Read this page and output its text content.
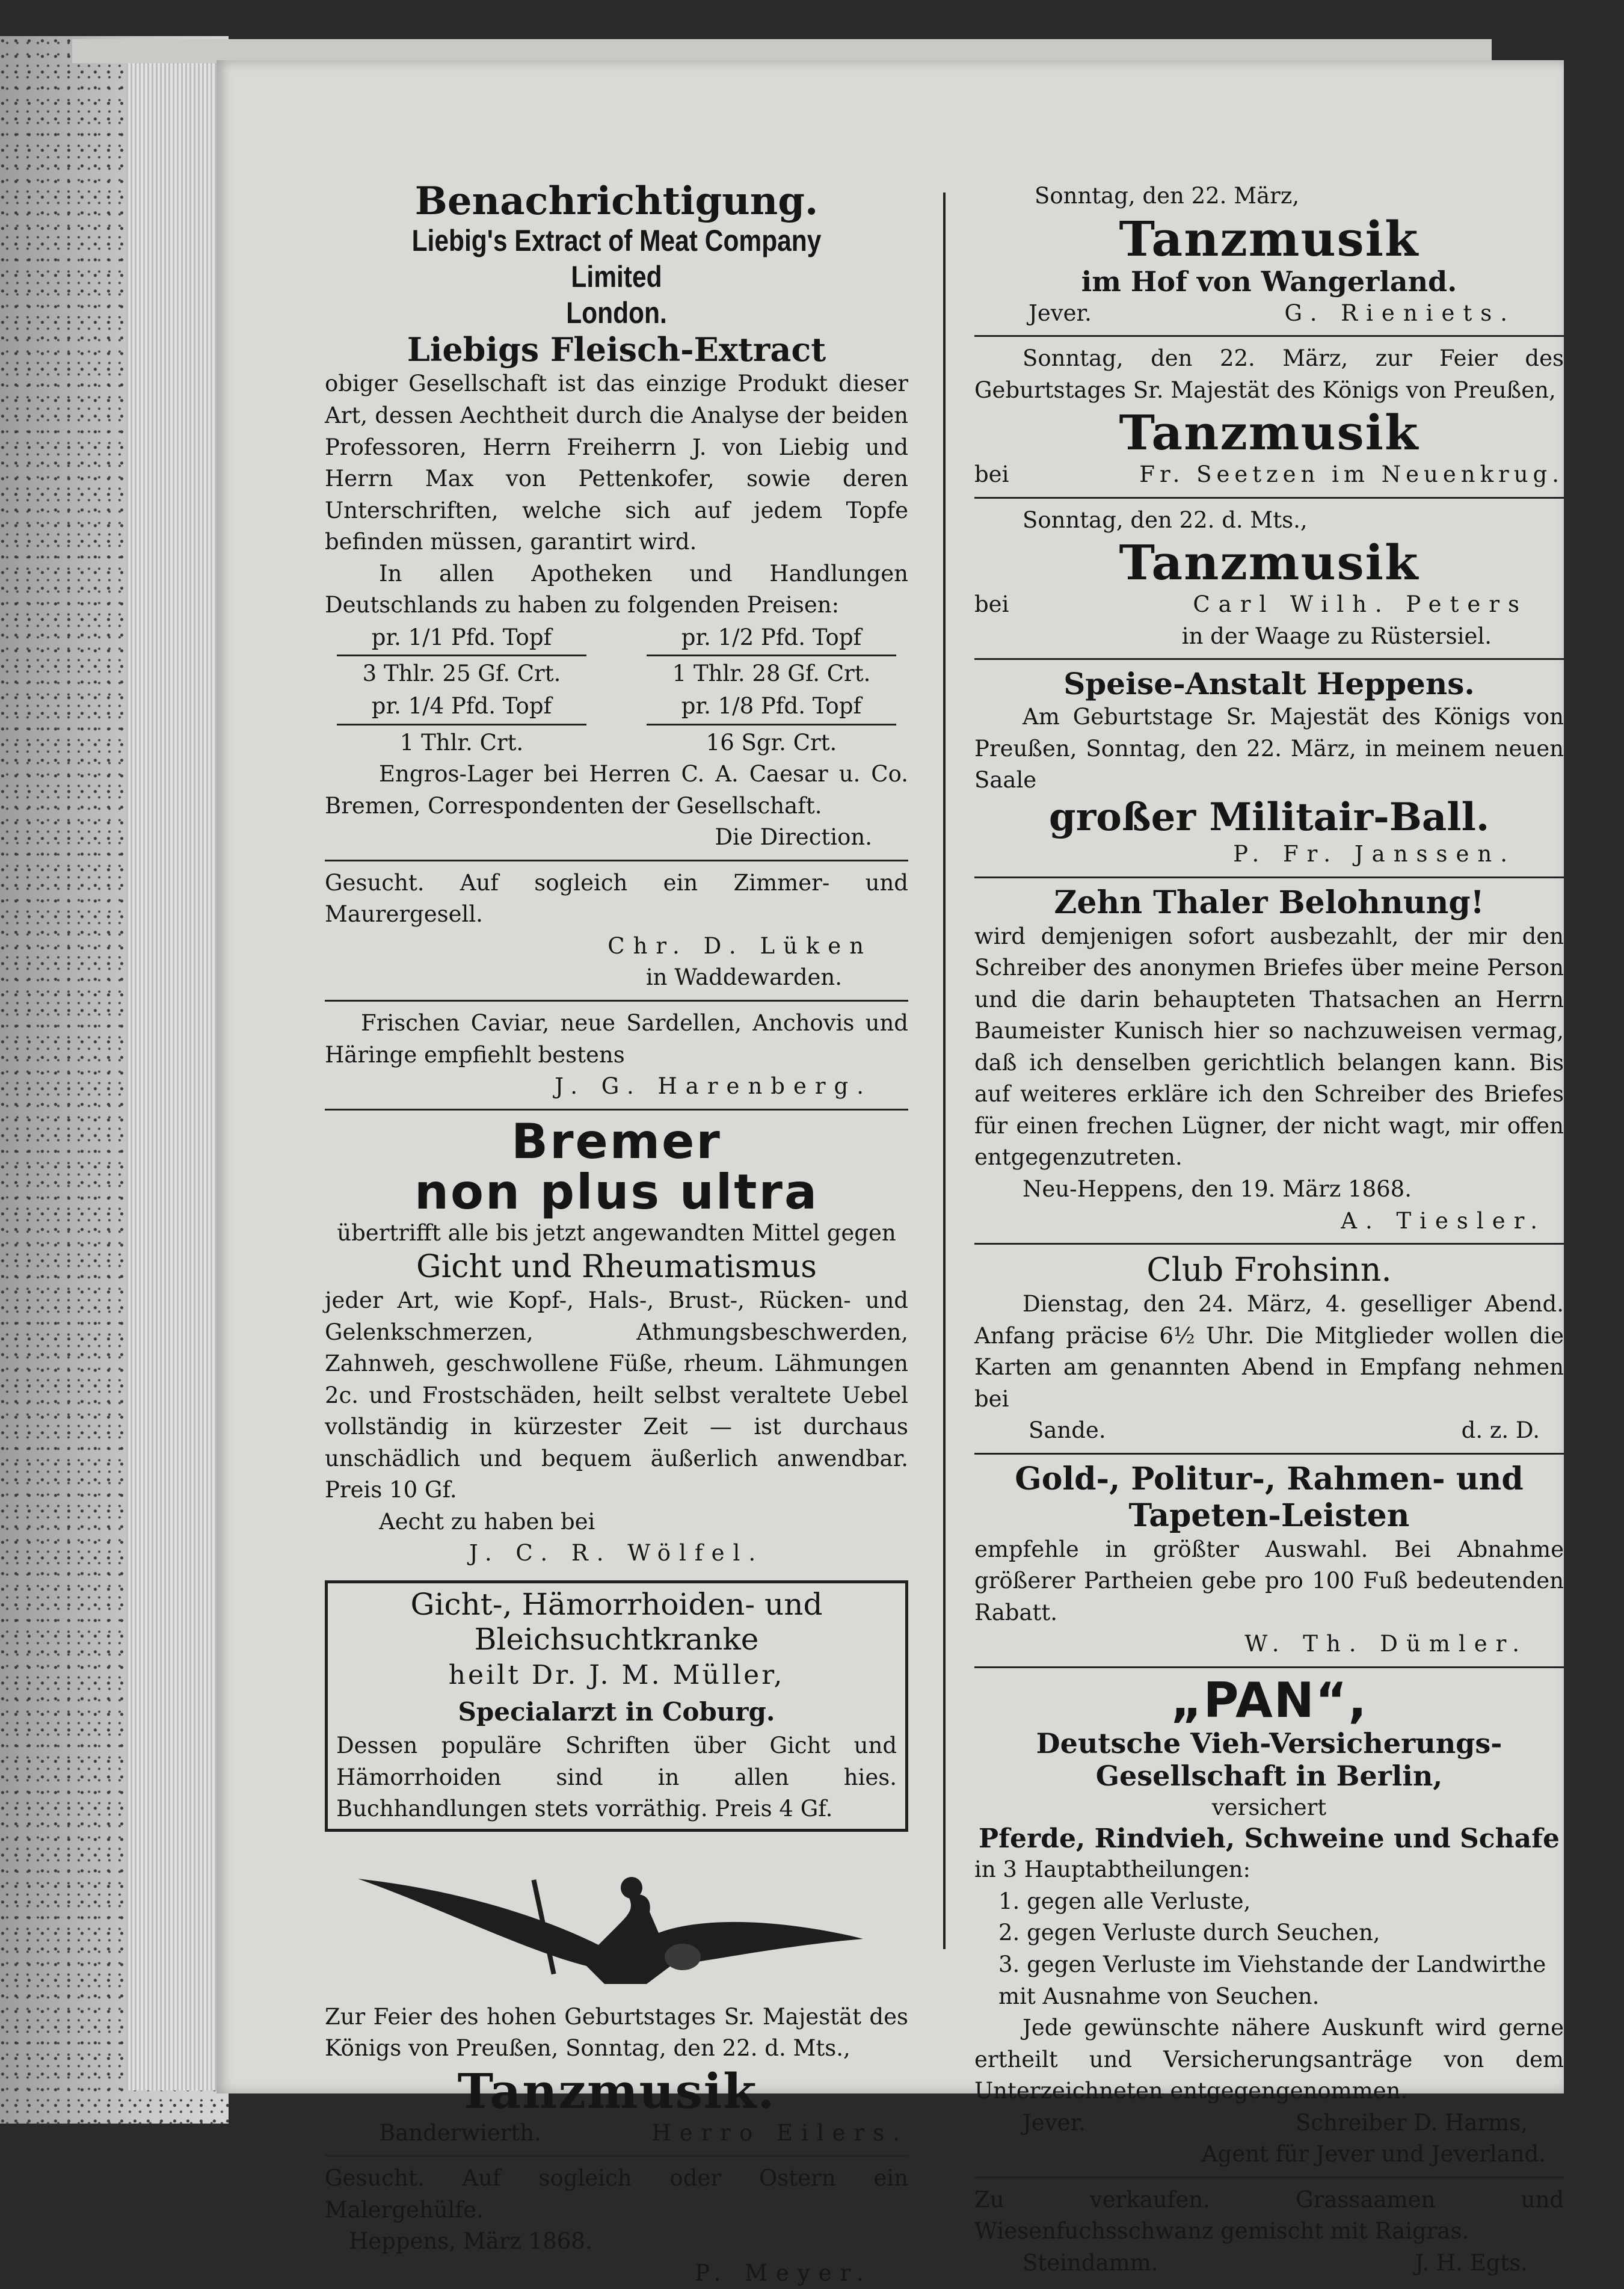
Benachrichtigung.

Liebig's Extract of Meat Company Limited

London.

Liebigs Fleisch-Extract

obiger Gesellschaft ist das einzige Produkt dieser Art, dessen Aechtheit durch die Analyse der beiden Professoren, Herrn Freiherrn J. von Liebig und Herrn Max von Pettenkofer, sowie deren Unterschriften, welche sich auf jedem Topfe befinden müssen, garantirt wird.

In allen Apotheken und Handlungen Deutschlands zu haben zu folgenden Preisen:

pr. 1/1 Pfd. Topf	pr. 1/2 Pfd. Topf
3 Thlr. 25 Gf. Crt.	1 Thlr. 28 Gf. Crt.
pr. 1/4 Pfd. Topf	pr. 1/8 Pfd. Topf
1 Thlr. Crt.	16 Sgr. Crt.

Engros-Lager bei Herren C. A. Caesar u. Co. Bremen, Correspondenten der Gesellschaft.

Die Direction.

Gesucht. Auf sogleich ein Zimmer- und Maurergesell.

Chr. D. Lüken

in Waddewarden.

Frischen Caviar, neue Sardellen, Anchovis und Häringe empfiehlt bestens

J. G. Harenberg.

Bremer

non plus ultra

übertrifft alle bis jetzt angewandten Mittel gegen

Gicht und Rheumatismus

jeder Art, wie Kopf-, Hals-, Brust-, Rücken- und Gelenkschmerzen, Athmungsbeschwerden, Zahnweh, geschwollene Füße, rheum. Lähmungen 2c. und Frostschäden, heilt selbst veraltete Uebel vollständig in kürzester Zeit — ist durchaus unschädlich und bequem äußerlich anwendbar. Preis 10 Gf.

Aecht zu haben bei

J. C. R. Wölfel.

Gicht-, Hämorrhoiden- und

Bleichsuchtkranke

heilt Dr. J. M. Müller,

Specialarzt in Coburg.

Dessen populäre Schriften über Gicht und Hämorrhoiden sind in allen hies. Buchhandlungen stets vorräthig. Preis 4 Gf.

Zur Feier des hohen Geburtstages Sr. Majestät des Königs von Preußen, Sonntag, den 22. d. Mts.,

Tanzmusik.

Banderwierth.	Herro Eilers.

Gesucht. Auf sogleich oder Ostern ein Malergehülfe.

Heppens, März 1868.

P. Meyer.

Sonntag, den 22. März,

Tanzmusik

im Hof von Wangerland.

Jever.	G. Rieniets.

Sonntag, den 22. März, zur Feier des Geburtstages Sr. Majestät des Königs von Preußen,

Tanzmusik

bei	Fr. Seetzen im Neuenkrug.

Sonntag, den 22. d. Mts.,

Tanzmusik

bei	Carl Wilh. Peters

in der Waage zu Rüstersiel.

Speise-Anstalt Heppens.

Am Geburtstage Sr. Majestät des Königs von Preußen, Sonntag, den 22. März, in meinem neuen Saale

großer Militair-Ball.

P. Fr. Janssen.

Zehn Thaler Belohnung!

wird demjenigen sofort ausbezahlt, der mir den Schreiber des anonymen Briefes über meine Person und die darin behaupteten Thatsachen an Herrn Baumeister Kunisch hier so nachzuweisen vermag, daß ich denselben gerichtlich belangen kann. Bis auf weiteres erkläre ich den Schreiber des Briefes für einen frechen Lügner, der nicht wagt, mir offen entgegenzutreten.

Neu-Heppens, den 19. März 1868.

A. Tiesler.

Club Frohsinn.

Dienstag, den 24. März, 4. geselliger Abend. Anfang präcise 6½ Uhr. Die Mitglieder wollen die Karten am genannten Abend in Empfang nehmen bei

Sande.	d. z. D.

Gold-, Politur-, Rahmen- und

Tapeten-Leisten

empfehle in größter Auswahl. Bei Abnahme größerer Partheien gebe pro 100 Fuß bedeutenden Rabatt.

W. Th. Dümler.

„PAN“,

Deutsche Vieh-Versicherungs-Gesellschaft in Berlin,

versichert

Pferde, Rindvieh, Schweine und Schafe

in 3 Hauptabtheilungen:

1. gegen alle Verluste,

2. gegen Verluste durch Seuchen,

3. gegen Verluste im Viehstande der Landwirthe mit Ausnahme von Seuchen.

Jede gewünschte nähere Auskunft wird gerne ertheilt und Versicherungsanträge von dem Unterzeichneten entgegengenommen.

Jever.	Schreiber D. Harms,

Agent für Jever und Jeverland.

Zu verkaufen. Grassaamen und Wiesenfuchsschwanz gemischt mit Raigras.

Steindamm.	J. H. Egts.
